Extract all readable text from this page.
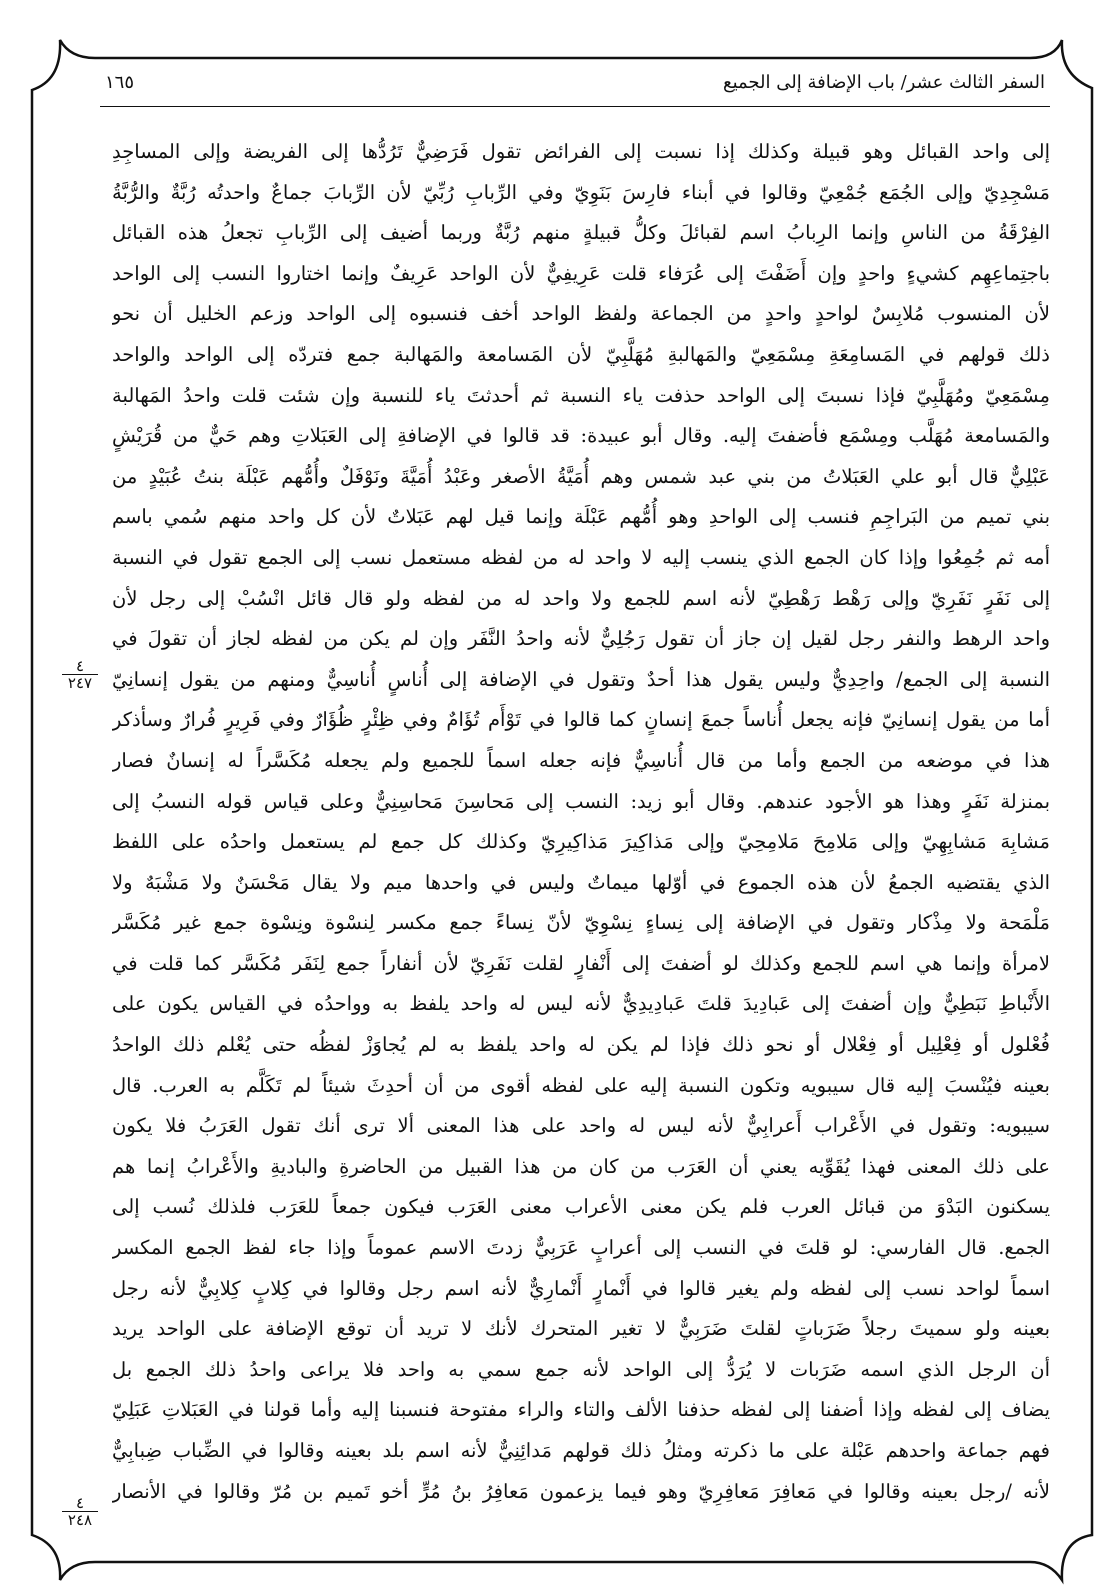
السفر الثالث عشر/ باب الإضافة إلى الجميع
١٦٥
إلى واحد القبائل وهو قبيلة وكذلك إذا نسبت إلى الفرائض تقول فَرَضِيٌّ تَرُدُّها إلى الفريضة وإلى المساجِدِ
مَسْجِدِيّ وإلى الجُمَع جُمْعِيّ وقالوا في أبناء فارِسَ بَنَوِيّ وفي الرِّبابِ رُبِّيّ لأن الرِّبابَ جماعٌ واحدتُه رُبَّةٌ والرُّبَّةُ
الفِرْقَةُ من الناسِ وإنما الرِبابُ اسم لقبائلَ وكلُّ قبيلةٍ منهم رُبَّةٌ وربما أضيف إلى الرِّبابِ تجعلُ هذه القبائل
باجتِماعِهِم كشيءٍ واحدٍ وإن أَضَفْتَ إلى عُرَفاء قلت عَرِيفِيٌّ لأن الواحد عَرِيفٌ وإنما اختاروا النسب إلى الواحد
لأن المنسوب مُلابِسٌ لواحدٍ واحدٍ من الجماعة ولفظ الواحد أخف فنسبوه إلى الواحد وزعم الخليل أن نحو
ذلك قولهم في المَسامِعَةِ مِسْمَعِيّ والمَهالبةِ مُهَلَّبِيّ لأن المَسامعة والمَهالبة جمع فتردّه إلى الواحد والواحد
مِسْمَعِيّ ومُهَلَّبِيّ فإذا نسبتَ إلى الواحد حذفت ياء النسبة ثم أحدثتَ ياء للنسبة وإن شئت قلت واحدُ المَهالبة
والمَسامعة مُهَلَّب ومِسْمَع فأضفتَ إليه. وقال أبو عبيدة: قد قالوا في الإضافةِ إلى العَبَلاتِ وهم حَيٌّ من قُرَيْشٍ
عَبْلِيٌّ قال أبو علي العَبَلاتُ من بني عبد شمس وهم أُمَيَّةُ الأصغر وعَبْدُ أُمَيَّةَ ونَوْفَلٌ وأُمُّهم عَبْلَة بنتُ عُبَيْدٍ من
بني تميم من البَراجِمِ فنسب إلى الواحدِ وهو أُمُّهم عَبْلَة وإنما قيل لهم عَبَلاتٌ لأن كل واحد منهم سُمي باسم
أمه ثم جُمِعُوا وإذا كان الجمع الذي ينسب إليه لا واحد له من لفظه مستعمل نسب إلى الجمع تقول في النسبة
إلى نَفَرٍ نَفَرِيّ وإلى رَهْط رَهْطِيّ لأنه اسم للجمع ولا واحد له من لفظه ولو قال قائل انْسُبْ إلى رجل لأن
واحد الرهط والنفر رجل لقيل إن جاز أن تقول رَجُلِيٌّ لأنه واحدُ النَّفَر وإن لم يكن من لفظه لجاز أن تقولَ في
النسبة إلى الجمع/ واحِدِيٌّ وليس يقول هذا أحدٌ وتقول في الإضافة إلى أُناسٍ أُناسِيٌّ ومنهم من يقول إنسانِيّ
أما من يقول إنسانِيّ فإنه يجعل أُناساً جمعَ إنسانٍ كما قالوا في تَوْأَم تُؤَامٌ وفي ظِئْرٍ ظُؤَارٌ وفي فَرِيرٍ فُرارٌ وسأذكر
هذا في موضعه من الجمع وأما من قال أُناسِيٌّ فإنه جعله اسماً للجميع ولم يجعله مُكَسَّراً له إنسانٌ فصار
بمنزلة نَفَرٍ وهذا هو الأجود عندهم. وقال أبو زيد: النسب إلى مَحاسِنَ مَحاسِنِيٌّ وعلى قياس قوله النسبُ إلى
مَشابِهَ مَشابِهِيّ وإلى مَلامِحَ مَلامِحِيّ وإلى مَذاكِيرَ مَذاكِيرِيّ وكذلك كل جمع لم يستعمل واحدُه على اللفظ
الذي يقتضيه الجمعُ لأن هذه الجموع في أوّلها ميماتٌ وليس في واحدها ميم ولا يقال مَحْسَنٌ ولا مَشْبَهٌ ولا
مَلْمَحة ولا مِذْكار وتقول في الإضافة إلى نِساءٍ نِسْوِيّ لأنّ نِساءً جمع مكسر لِنسْوة ونِسْوة جمع غير مُكَسَّر
لامرأة وإنما هي اسم للجمع وكذلك لو أضفتَ إلى أَنْفارٍ لقلت نَفَرِيّ لأن أنفاراً جمع لِنَفَر مُكَسَّر كما قلت في
الأَنْباطِ نَبَطِيٌّ وإن أضفتَ إلى عَبادِيدَ قلتَ عَبادِيدِيٌّ لأنه ليس له واحد يلفظ به وواحدُه في القياس يكون على
فُعْلول أو فِعْلِيل أو فِعْلال أو نحو ذلك فإذا لم يكن له واحد يلفظ به لم يُجاوَزْ لفظُه حتى يُعْلم ذلك الواحدُ
بعينه فيُنْسبَ إليه قال سيبويه وتكون النسبة إليه على لفظه أقوى من أن أحدِثَ شيئاً لم تَكَلَّم به العرب. قال
سيبويه: وتقول في الأَعْراب أَعرابِيٌّ لأنه ليس له واحد على هذا المعنى ألا ترى أنك تقول العَرَبُ فلا يكون
على ذلك المعنى فهذا يُقَوِّيه يعني أن العَرَب من كان من هذا القبيل من الحاضرةِ والباديةِ والأَعْرابُ إنما هم
يسكنون البَدْوَ من قبائل العرب فلم يكن معنى الأعراب معنى العَرَب فيكون جمعاً للعَرَب فلذلك نُسب إلى
الجمع. قال الفارسي: لو قلتَ في النسب إلى أعرابٍ عَرَبِيٌّ زدتَ الاسم عموماً وإذا جاء لفظ الجمع المكسر
اسماً لواحد نسب إلى لفظه ولم يغير قالوا في أَنْمارٍ أَنْمارِيٌّ لأنه اسم رجل وقالوا في كِلابٍ كِلابِيٌّ لأنه رجل
بعينه ولو سميتَ رجلاً ضَرَباتٍ لقلتَ ضَرَبِيٌّ لا تغير المتحرك لأنك لا تريد أن توقع الإضافة على الواحد يريد
أن الرجل الذي اسمه ضَرَبات لا يُرَدُّ إلى الواحد لأنه جمع سمي به واحد فلا يراعى واحدُ ذلك الجمع بل
يضاف إلى لفظه وإذا أضفنا إلى لفظه حذفنا الألف والتاء والراء مفتوحة فنسبنا إليه وأما قولنا في العَبَلاتِ عَبَلِيّ
فهم جماعة واحدهم عَبْلة على ما ذكرته ومثلُ ذلك قولهم مَدائِنِيٌّ لأنه اسم بلد بعينه وقالوا في الضِّباب ضِبابِيٌّ
لأنه /رجل بعينه وقالوا في مَعافِرَ مَعافِرِيّ وهو فيما يزعمون مَعافِرُ بنُ مُرٍّ أخو تَميم بن مُرّ وقالوا في الأنصار
٤
٢٤٧
٤
٢٤٨
